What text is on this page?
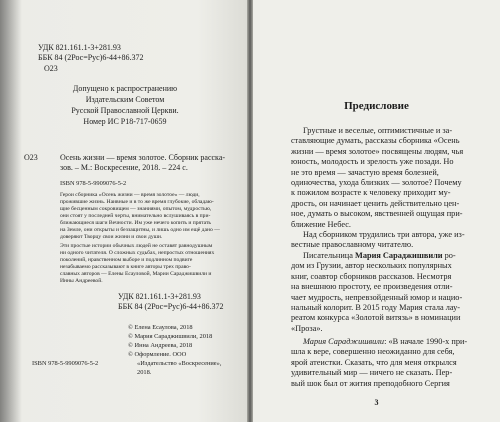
УДК 821.161.1-3+281.93
ББК 84 (2Рос=Рус)6-44+86.372
О23
Допущено к распространению
Издательским Советом
Русской Православной Церкви.
Номер ИС Р18-717-0659
О23	Осень жизни — время золотое. Сборник расска-
зов. – М.: Воскресение, 2018. – 224 с.
ISBN 978-5-9909076-5-2
Герои сборника «Осень жизни — время золотое» — люди,
прожившие жизнь. Наивные и в то же время глубокие, обладаю-
щие бесценным сокровищем — знаниями, опытом, мудростью,
они стоят у последней черты, внимательно вслушиваясь в при-
ближающиеся шаги Вечности. Им уже нечего копить и прятать
на Земле, они открыты и беззащитны, и лишь одно им ещё дано —
доверяют Творцу свои жизни и свои души.
Эти простые истории обычных людей не оставят равнодушным
ни одного читателя. О сложных судьбах, непростых отношениях
поколений, нравственном выборе и подлинном подвиге
незабываемо рассказывают в книге авторы трех право-
славных авторов — Елены Есауловой, Марии Сараджишвили и
Инны Андреевой.
УДК 821.161.1-3+281.93
ББК 84 (2Рос=Рус)6-44+86.372
© Елена Есаулова, 2018
© Мария Сараджишвили, 2018
© Инна Андреева, 2018
© Оформление. ООО
«Издательство «Воскресение»,
2018.
ISBN 978-5-9909076-5-2
Предисловие
Грустные и веселые, оптимистичные и за-
ставляющие думать, рассказы сборника «Осень
жизни — время золотое» посвящены людям, чья
юность, молодость и зрелость уже позади. Но
не это время — зачастую время болезней,
одиночества, ухода близких — золотое? Почему
к пожилом возрасте к человеку приходит му-
дрость, он начинает ценить действительно цен-
ное, думать о высоком, явственней ощущая при-
ближение Небес.
Над сборником трудились три автора, уже из-
вестные православному читателю.
Писательница Мария Сараджишвили ро-
дом из Грузии, автор нескольких популярных
книг, соавтор сборников рассказов. Несмотря
на внешнюю простоту, ее произведения отли-
чает мудрость, непревзойденный юмор и нацио-
нальный колорит. В 2015 году Мария стала лау-
реатом конкурса «Золотой витязь» в номинации
«Проза».
Мария Сараджишвили: «В начале 1990-х при-
шла к вере, совершенно неожиданно для себя,
ярой атеистки. Сказать, что для меня открылся
удивительный мир — ничего не сказать. Пер-
вый шок был от жития преподобного Сергия
3
